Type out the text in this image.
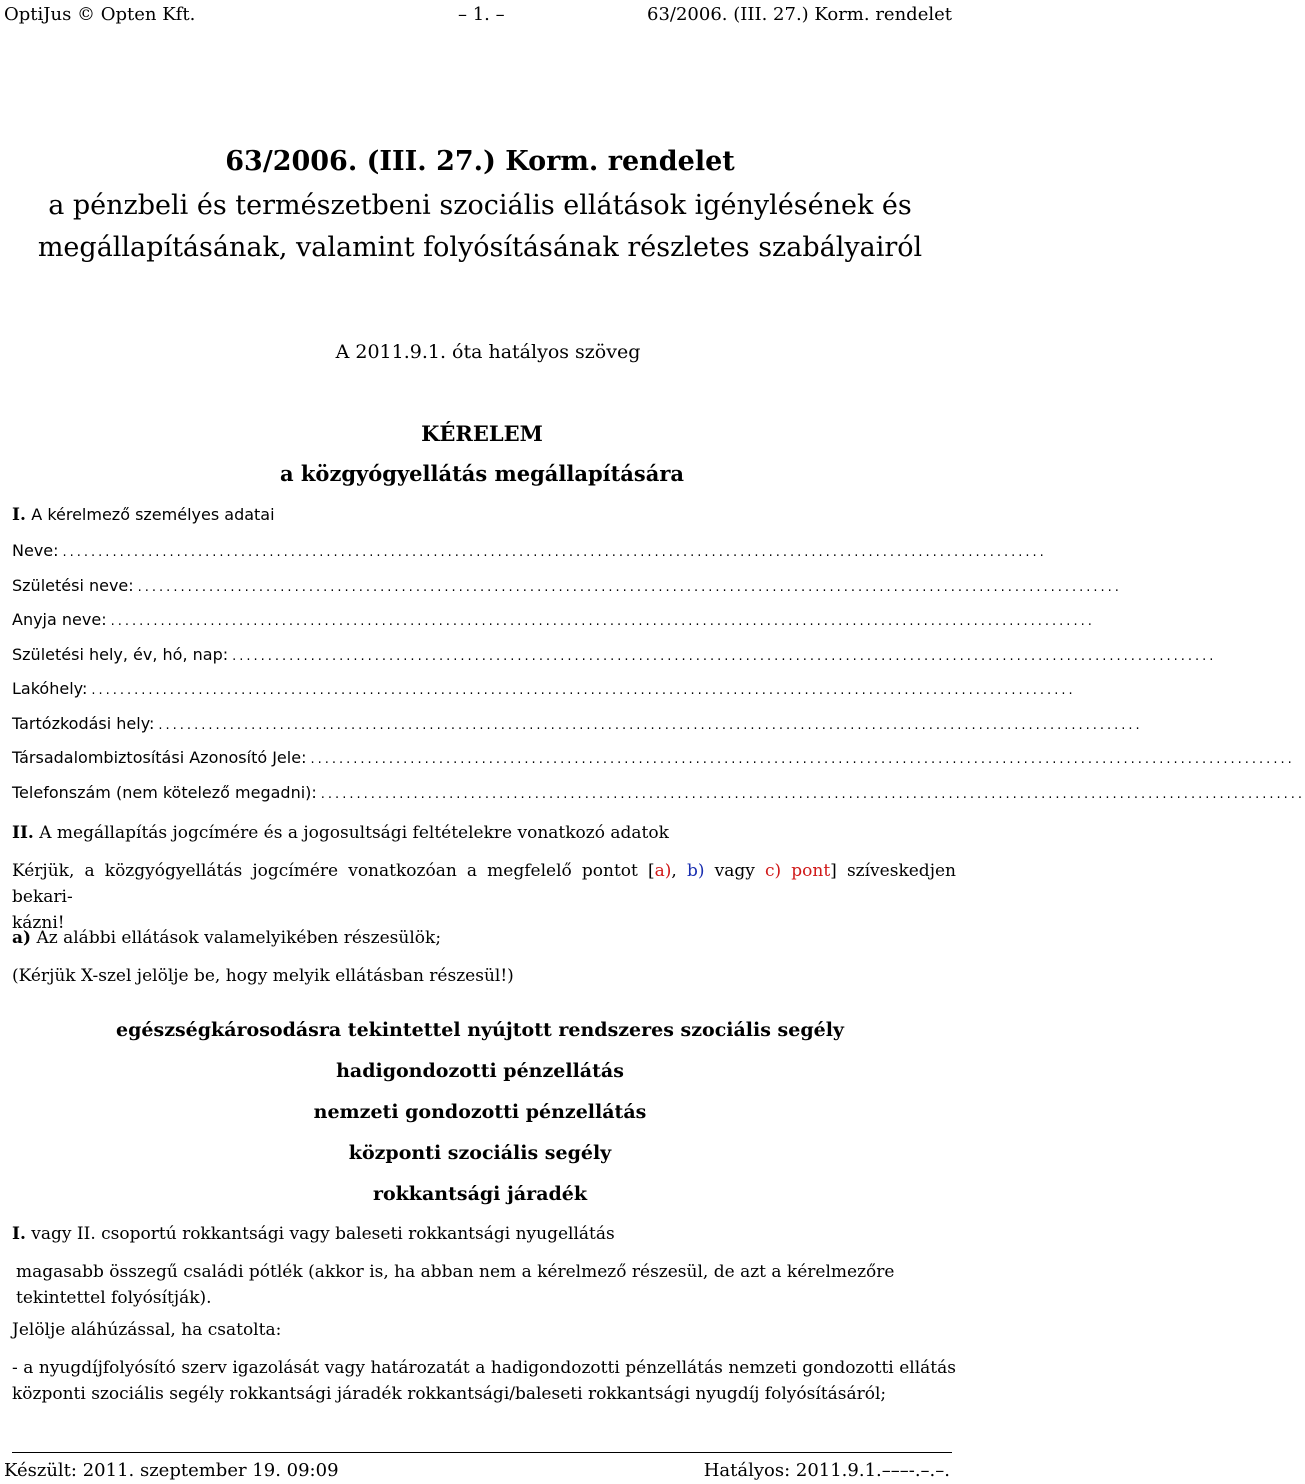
OptiJus © Opten Kft.	– 1. –	63/2006. (III. 27.) Korm. rendelet
63/2006. (III. 27.) Korm. rendelet
a pénzbeli és természetbeni szociális ellátások igénylésének és
megállapításának, valamint folyósításának részletes szabályairól
A 2011.9.1. óta hatályos szöveg
KÉRELEM
a közgyógyellátás megállapítására
I. A kérelmező személyes adatai
Neve: ..........................................................................................................................................
Születési neve: ..........................................................................................................................................
Anyja neve: ..........................................................................................................................................
Születési hely, év, hó, nap: ..........................................................................................................................................
Lakóhely: ..........................................................................................................................................
Tartózkodási hely: ..........................................................................................................................................
Társadalombiztosítási Azonosító Jele: ..........................................................................................................................................
Telefonszám (nem kötelező megadni): ..........................................................................................................................................
II. A megállapítás jogcímére és a jogosultsági feltételekre vonatkozó adatok
Kérjük, a közgyógyellátás jogcímére vonatkozóan a megfelelő pontot [a), b) vagy c) pont] szíveskedjen bekari-
kázni!
a) Az alábbi ellátások valamelyikében részesülök;
(Kérjük X-szel jelölje be, hogy melyik ellátásban részesül!)
egészségkárosodásra tekintettel nyújtott rendszeres szociális segély
hadigondozotti pénzellátás
nemzeti gondozotti pénzellátás
központi szociális segély
rokkantsági járadék
I. vagy II. csoportú rokkantsági vagy baleseti rokkantsági nyugellátás
magasabb összegű családi pótlék (akkor is, ha abban nem a kérelmező részesül, de azt a kérelmezőre tekintettel folyósítják).
Jelölje aláhúzással, ha csatolta:
- a nyugdíjfolyósító szerv igazolását vagy határozatát a hadigondozotti pénzellátás nemzeti gondozotti ellátás központi szociális segély rokkantsági járadék rokkantsági/baleseti rokkantsági nyugdíj folyósításáról;
Készült: 2011. szeptember 19. 09:09	Hatályos: 2011.9.1.–––-.–.–.
